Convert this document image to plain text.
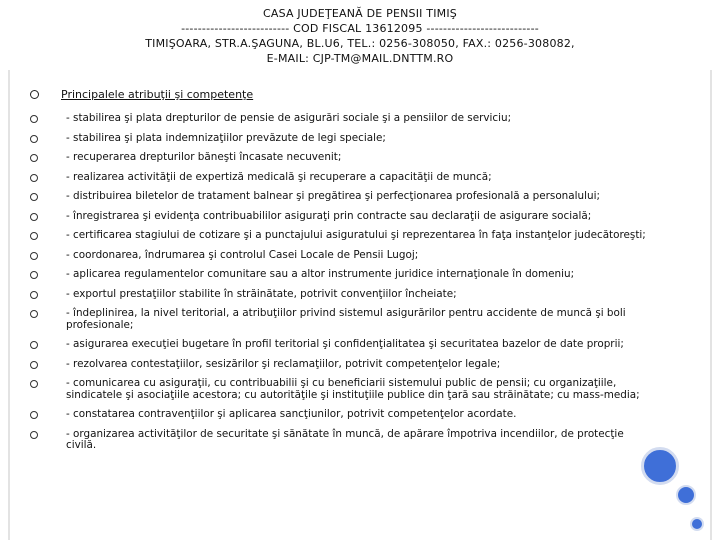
CASA JUDEŢEANĂ DE PENSII TIMIŞ
-------------------------- COD FISCAL 13612095 ---------------------------
TIMIŞOARA, STR.A.ŞAGUNA, BL.U6, TEL.: 0256-308050, FAX.: 0256-308082,
E-MAIL: CJP-TM@MAIL.DNTTM.RO
Principalele atribuţii şi competenţe
- stabilirea şi plata drepturilor de pensie de asigurări sociale şi a pensiilor de serviciu;
- stabilirea şi plata indemnizaţiilor prevăzute de legi speciale;
- recuperarea drepturilor băneşti încasate necuvenit;
- realizarea activităţii de expertiză medicală şi recuperare a capacităţii de muncă;
- distribuirea biletelor de tratament balnear şi pregătirea şi perfecţionarea profesională a personalului;
- înregistrarea şi evidenţa contribuabililor asiguraţi prin contracte sau declaraţii de asigurare socială;
- certificarea stagiului de cotizare şi a punctajului asiguratului şi reprezentarea în faţa instanţelor judecătoreşti;
- coordonarea, îndrumarea şi controlul Casei Locale de Pensii Lugoj;
- aplicarea regulamentelor comunitare sau a altor instrumente juridice internaţionale în domeniu;
- exportul prestaţiilor stabilite în străinătate, potrivit convenţiilor încheiate;
- îndeplinirea, la nivel teritorial, a atribuţiilor privind sistemul asigurărilor pentru accidente de muncă şi boli profesionale;
- asigurarea execuţiei bugetare în profil teritorial şi confidenţialitatea şi securitatea bazelor de date proprii;
- rezolvarea contestaţiilor, sesizărilor şi reclamaţiilor, potrivit competenţelor legale;
- comunicarea cu asiguraţii, cu contribuabilii şi cu beneficiarii sistemului public de pensii; cu organizaţiile, sindicatele şi asociaţiile acestora; cu autorităţile şi instituţiile publice din ţară sau străinătate; cu mass-media;
- constatarea contravenţiilor şi aplicarea sancţiunilor, potrivit competenţelor acordate.
- organizarea activităţilor de securitate şi sănătate în muncă, de apărare împotriva incendiilor, de protecţie civilă.
